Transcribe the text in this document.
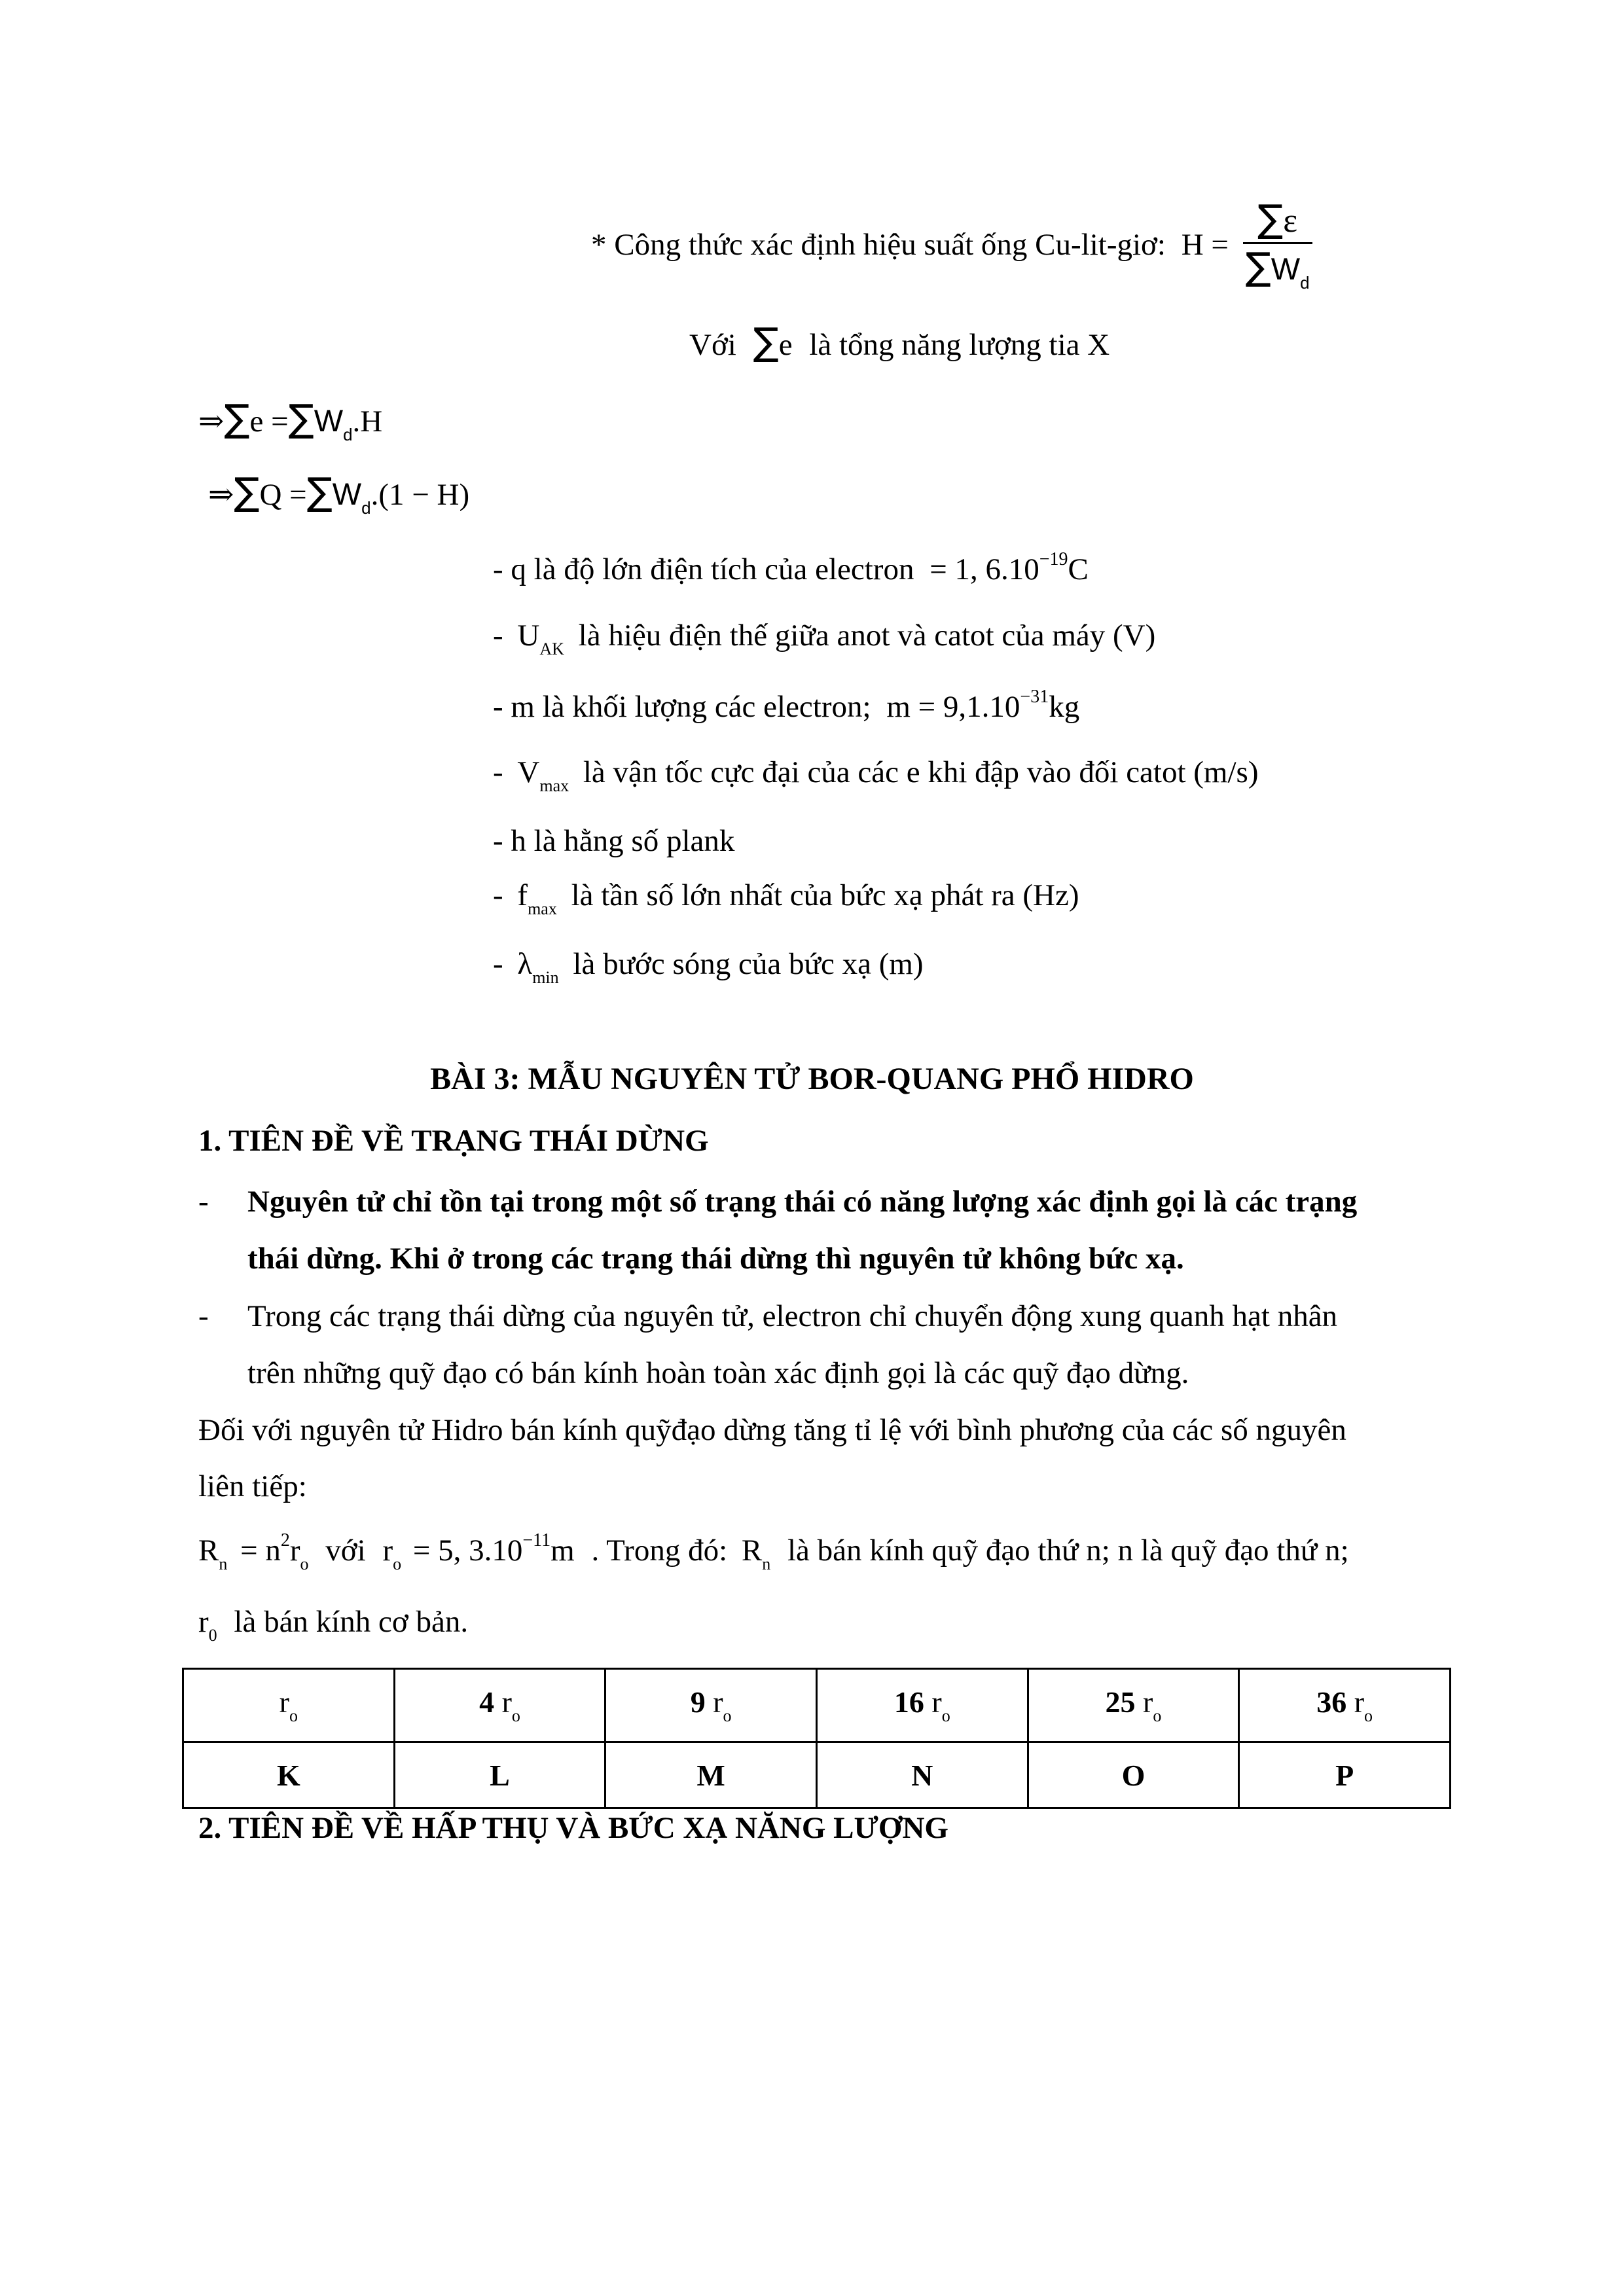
* Công thức xác định hiệu suất ống Cu-lit-giơ: $H = \frac{\sum\varepsilon}{\sum W_d}$
Với ∑e là tổng năng lượng tia X
⇒∑e $=\sum W_d.H$
⇒∑Q $=\sum W_d.(1 - H)$
- q là độ lớn điện tích của electron = 1, $6.10^{-19}C$
- $U_{AK}$ là hiệu điện thế giữa anot và catot của máy (V)
- m là khối lượng các electron; $m = 9,1.10^{-31}kg$
- $V_{max}$ là vận tốc cực đại của các e khi đập vào đối catot (m/s)
- h là hằng số plank
- $f_{max}$ là tần số lớn nhất của bức xạ phát ra (Hz)
- $\lambda_{min}$ là bước sóng của bức xạ (m)
BÀI 3: MẪU NGUYÊN TỬ BOR-QUANG PHỔ HIDRO
1. TIÊN ĐỀ VỀ TRẠNG THÁI DỪNG
- Nguyên tử chỉ tồn tại trong một số trạng thái có năng lượng xác định gọi là các trạng
thái dừng. Khi ở trong các trạng thái dừng thì nguyên tử không bức xạ.
- Trong các trạng thái dừng của nguyên tử, electron chỉ chuyển động xung quanh hạt nhân
trên những quỹ đạo có bán kính hoàn toàn xác định gọi là các quỹ đạo dừng.
Đối với nguyên tử Hidro bán kính quỹđạo dừng tăng tỉ lệ với bình phương của các số nguyên
liên tiếp:
$R_n = n^2r_o$ với $r_o = 5$, $3.10^{-11}m$ . Trong đó: $R_n$ là bán kính quỹ đạo thứ n; n là quỹ đạo thứ n;
$r_0$ là bán kính cơ bản.
$r_o$	4 $r_o$	9 $r_o$	16 $r_o$	25 $r_o$	36 $r_o$
K	L	M	N	O	P
2. TIÊN ĐỀ VỀ HẤP THỤ VÀ BỨC XẠ NĂNG LƯỢNG
